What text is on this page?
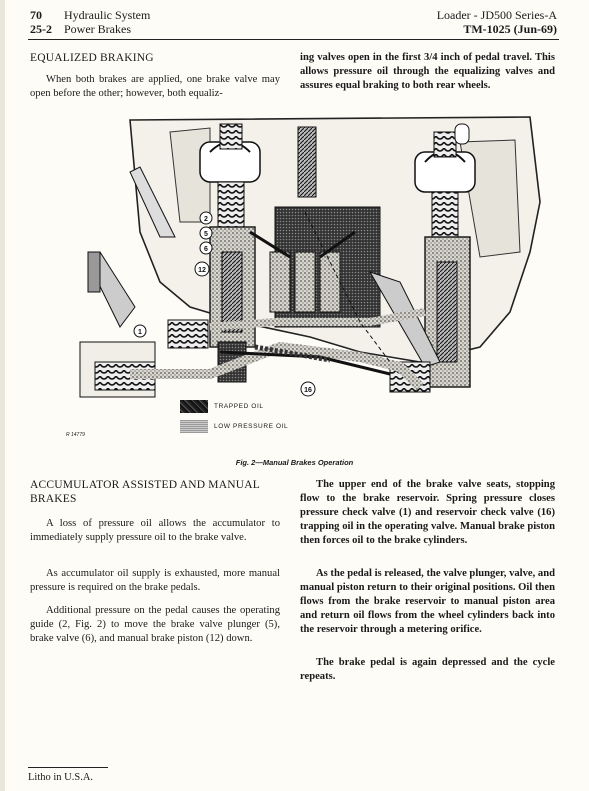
70 Hydraulic System
25-2 Power Brakes
Loader - JD500 Series-A
TM-1025 (Jun-69)
EQUALIZED BRAKING
When both brakes are applied, one brake valve may open before the other; however, both equaliz-
ing valves open in the first 3/4 inch of pedal travel. This allows pressure oil through the equalizing valves and assures equal braking to both rear wheels.
2
5
6
12
1
16
TRAPPED OIL
LOW PRESSURE OIL
R 14779
Fig. 2—Manual Brakes Operation
ACCUMULATOR ASSISTED AND MANUAL
BRAKES
A loss of pressure oil allows the accumulator to immediately supply pressure oil to the brake valve.
As accumulator oil supply is exhausted, more manual pressure is required on the brake pedals.
Additional pressure on the pedal causes the operating guide (2, Fig. 2) to move the brake valve plunger (5), brake valve (6), and manual brake piston (12) down.
The upper end of the brake valve seats, stopping flow to the brake reservoir. Spring pressure closes pressure check valve (1) and reservoir check valve (16) trapping oil in the operating valve. Manual brake piston then forces oil to the brake cylinders.
As the pedal is released, the valve plunger, valve, and manual piston return to their original positions. Oil then flows from the brake reservoir to manual piston area and return oil flows from the wheel cylinders back into the reservoir through a metering orifice.
The brake pedal is again depressed and the cycle repeats.
Litho in U.S.A.
